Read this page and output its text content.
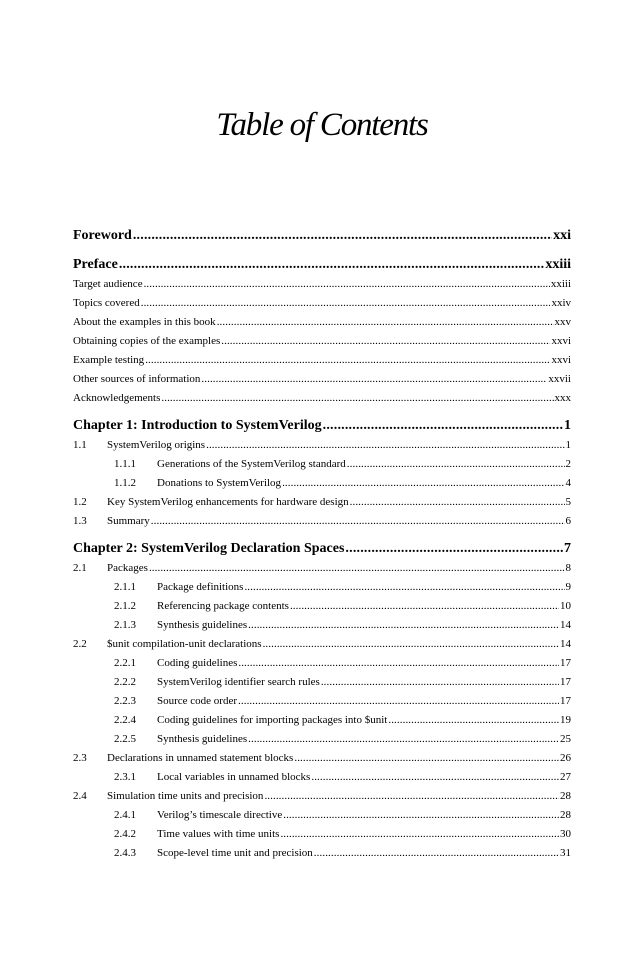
Table of Contents
Foreword .....	xxi
Preface .....	xxiii
Target audience .....	xxiii
Topics covered .....	xxiv
About the examples in this book .....	xxv
Obtaining copies of the examples .....	xxvi
Example testing .....	xxvi
Other sources of information .....	xxvii
Acknowledgements .....	xxx
Chapter 1: Introduction to SystemVerilog .....	1
1.1	SystemVerilog origins .....	1
1.1.1	Generations of the SystemVerilog standard .....	2
1.1.2	Donations to SystemVerilog .....	4
1.2	Key SystemVerilog enhancements for hardware design .....	5
1.3	Summary .....	6
Chapter 2: SystemVerilog Declaration Spaces .....	7
2.1	Packages .....	8
2.1.1	Package definitions .....	9
2.1.2	Referencing package contents .....	10
2.1.3	Synthesis guidelines .....	14
2.2	$unit compilation-unit declarations .....	14
2.2.1	Coding guidelines .....	17
2.2.2	SystemVerilog identifier search rules .....	17
2.2.3	Source code order .....	17
2.2.4	Coding guidelines for importing packages into $unit .....	19
2.2.5	Synthesis guidelines .....	25
2.3	Declarations in unnamed statement blocks .....	26
2.3.1	Local variables in unnamed blocks .....	27
2.4	Simulation time units and precision .....	28
2.4.1	Verilog’s timescale directive .....	28
2.4.2	Time values with time units .....	30
2.4.3	Scope-level time unit and precision .....	31
